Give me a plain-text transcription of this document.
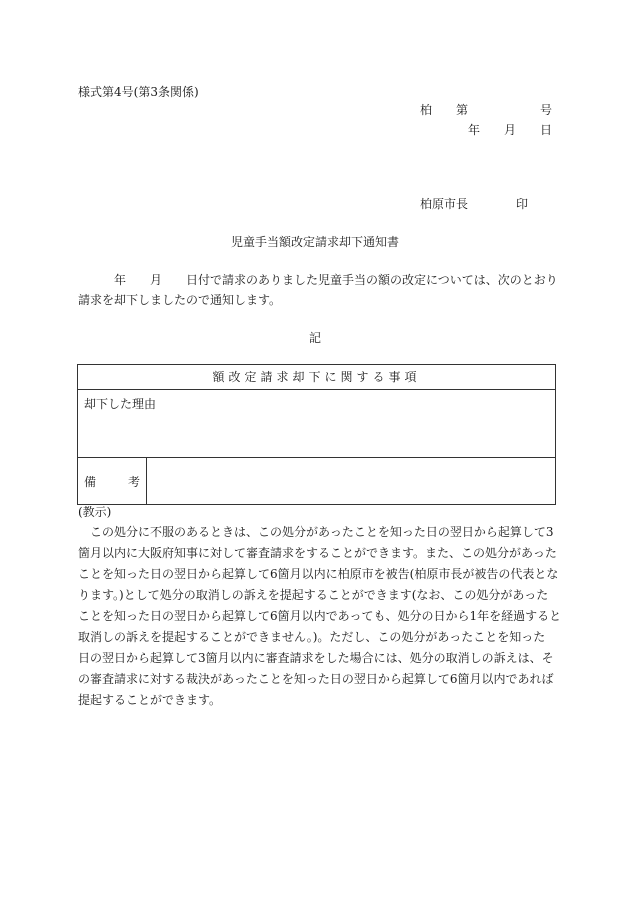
様式第4号(第3条関係)
柏 第	号
年 月 日
柏原市長	印
児童手当額改定請求却下通知書
年 月 日付で請求のありました児童手当の額の改定については、次のとおり
請求を却下しましたので通知します。
記
額改定請求却下に関する事項
却下した理由
備	考
(教示)
　この処分に不服のあるときは、この処分があったことを知った日の翌日から起算して3
箇月以内に大阪府知事に対して審査請求をすることができます。また、この処分があった
ことを知った日の翌日から起算して6箇月以内に柏原市を被告(柏原市長が被告の代表とな
ります。)として処分の取消しの訴えを提起することができます(なお、この処分があった
ことを知った日の翌日から起算して6箇月以内であっても、処分の日から1年を経過すると
取消しの訴えを提起することができません。)。ただし、この処分があったことを知った
日の翌日から起算して3箇月以内に審査請求をした場合には、処分の取消しの訴えは、そ
の審査請求に対する裁決があったことを知った日の翌日から起算して6箇月以内であれば
提起することができます。
